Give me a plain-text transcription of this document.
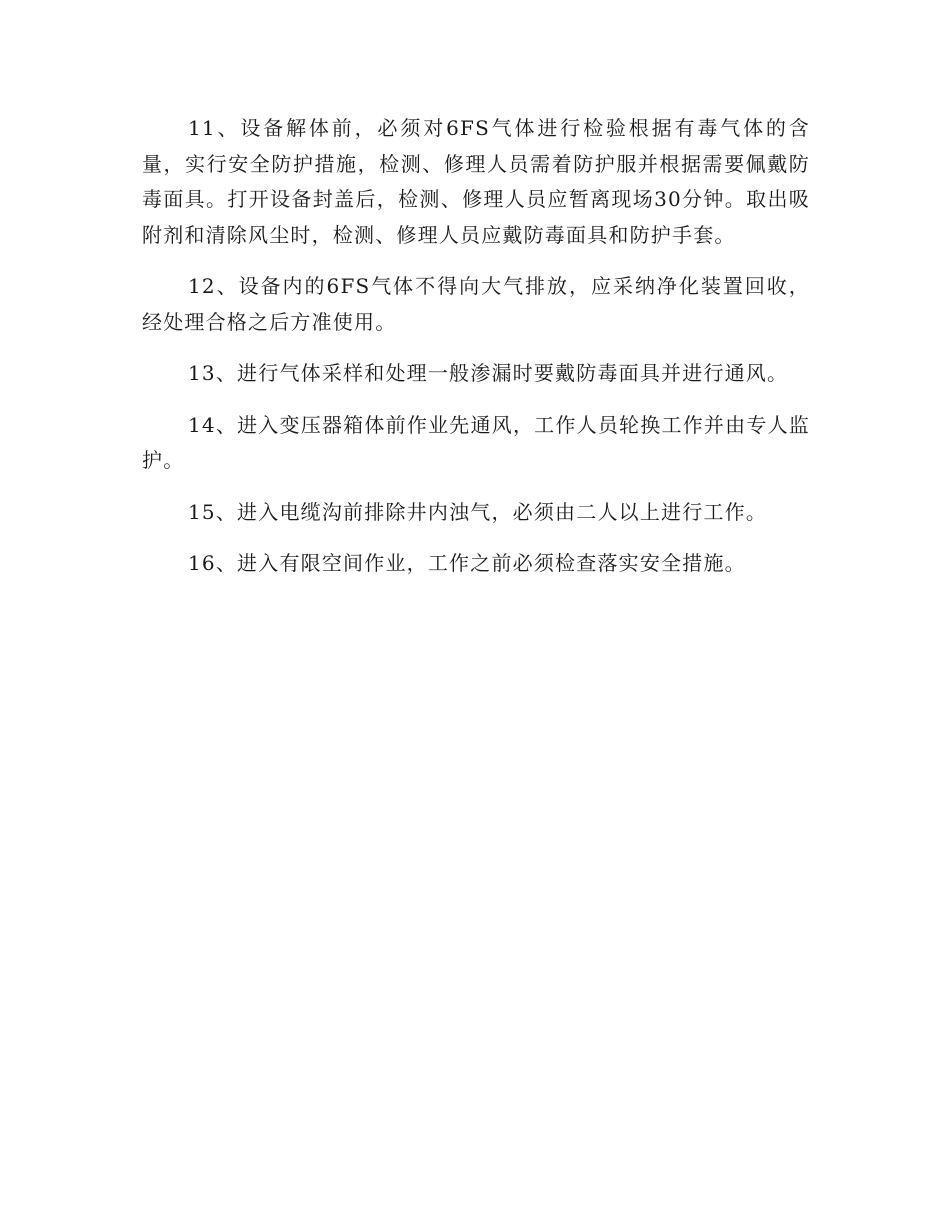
11、设备解体前，必须对6FS气体进行检验根据有毒气体的含量，实行安全防护措施，检测、修理人员需着防护服并根据需要佩戴防毒面具。打开设备封盖后，检测、修理人员应暂离现场30分钟。取出吸附剂和清除风尘时，检测、修理人员应戴防毒面具和防护手套。

12、设备内的6FS气体不得向大气排放，应采纳净化装置回收，经处理合格之后方准使用。

13、进行气体采样和处理一般渗漏时要戴防毒面具并进行通风。

14、进入变压器箱体前作业先通风，工作人员轮换工作并由专人监护。

15、进入电缆沟前排除井内浊气，必须由二人以上进行工作。

16、进入有限空间作业，工作之前必须检查落实安全措施。
